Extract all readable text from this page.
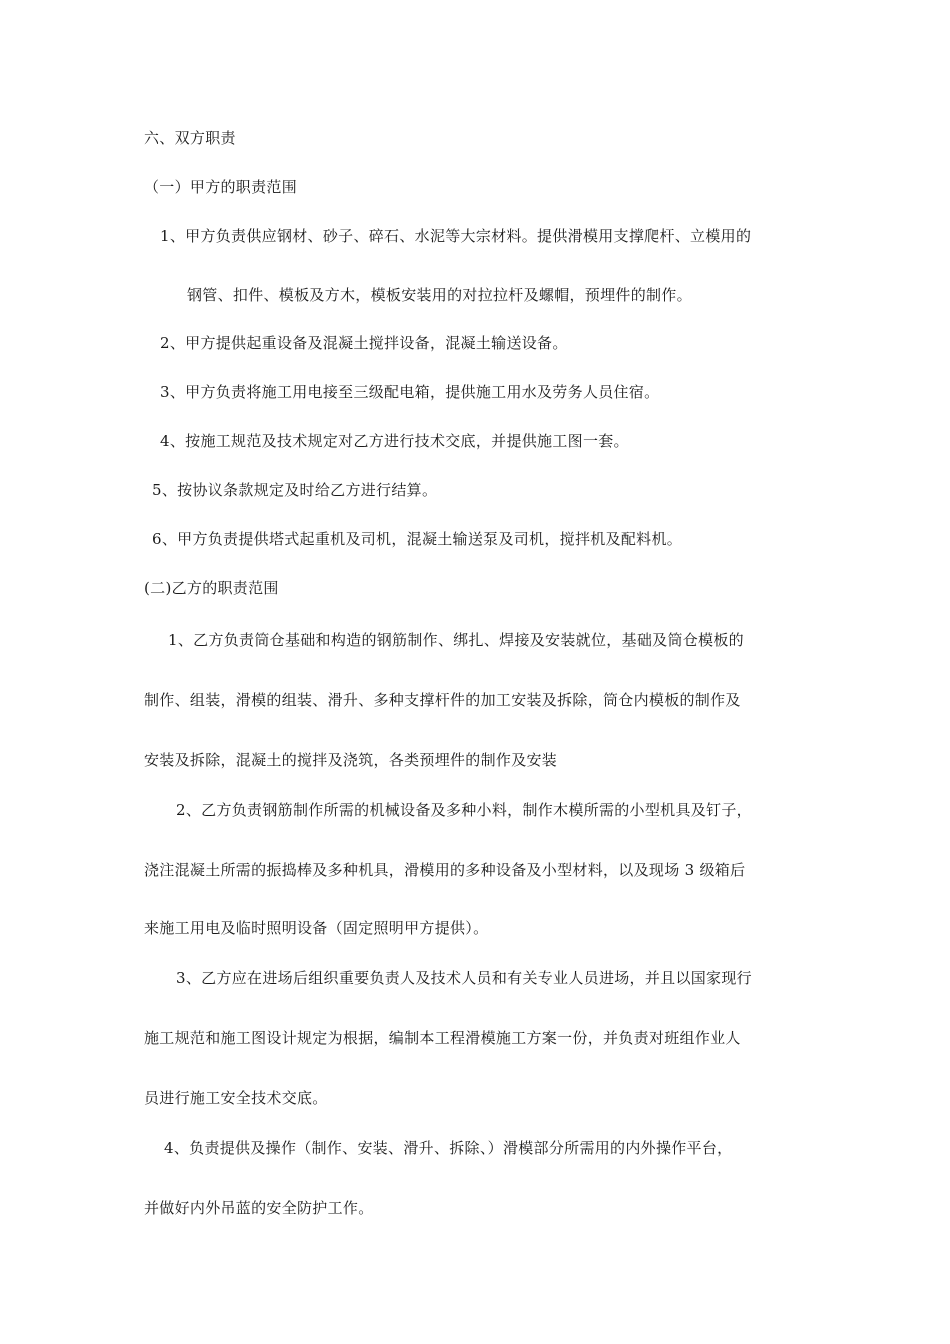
六、双方职责
（一）甲方的职责范围
1、甲方负责供应钢材、砂子、碎石、水泥等大宗材料。提供滑模用支撑爬杆、立模用的
钢管、扣件、模板及方木，模板安装用的对拉拉杆及螺帽，预埋件的制作。
2、甲方提供起重设备及混凝土搅拌设备，混凝土输送设备。
3、甲方负责将施工用电接至三级配电箱，提供施工用水及劳务人员住宿。
4、按施工规范及技术规定对乙方进行技术交底，并提供施工图一套。
5、按协议条款规定及时给乙方进行结算。
6、甲方负责提供塔式起重机及司机，混凝土输送泵及司机，搅拌机及配料机。
(二)乙方的职责范围
1、乙方负责筒仓基础和构造的钢筋制作、绑扎、焊接及安装就位，基础及筒仓模板的
制作、组装，滑模的组装、滑升、多种支撑杆件的加工安装及拆除，筒仓内模板的制作及
安装及拆除，混凝土的搅拌及浇筑，各类预埋件的制作及安装
2、乙方负责钢筋制作所需的机械设备及多种小料，制作木模所需的小型机具及钉子，
浇注混凝土所需的振捣棒及多种机具，滑模用的多种设备及小型材料，以及现场 3 级箱后
来施工用电及临时照明设备（固定照明甲方提供）。
3、乙方应在进场后组织重要负责人及技术人员和有关专业人员进场，并且以国家现行
施工规范和施工图设计规定为根据，编制本工程滑模施工方案一份，并负责对班组作业人
员进行施工安全技术交底。
4、负责提供及操作（制作、安装、滑升、拆除、）滑模部分所需用的内外操作平台，
并做好内外吊蓝的安全防护工作。
